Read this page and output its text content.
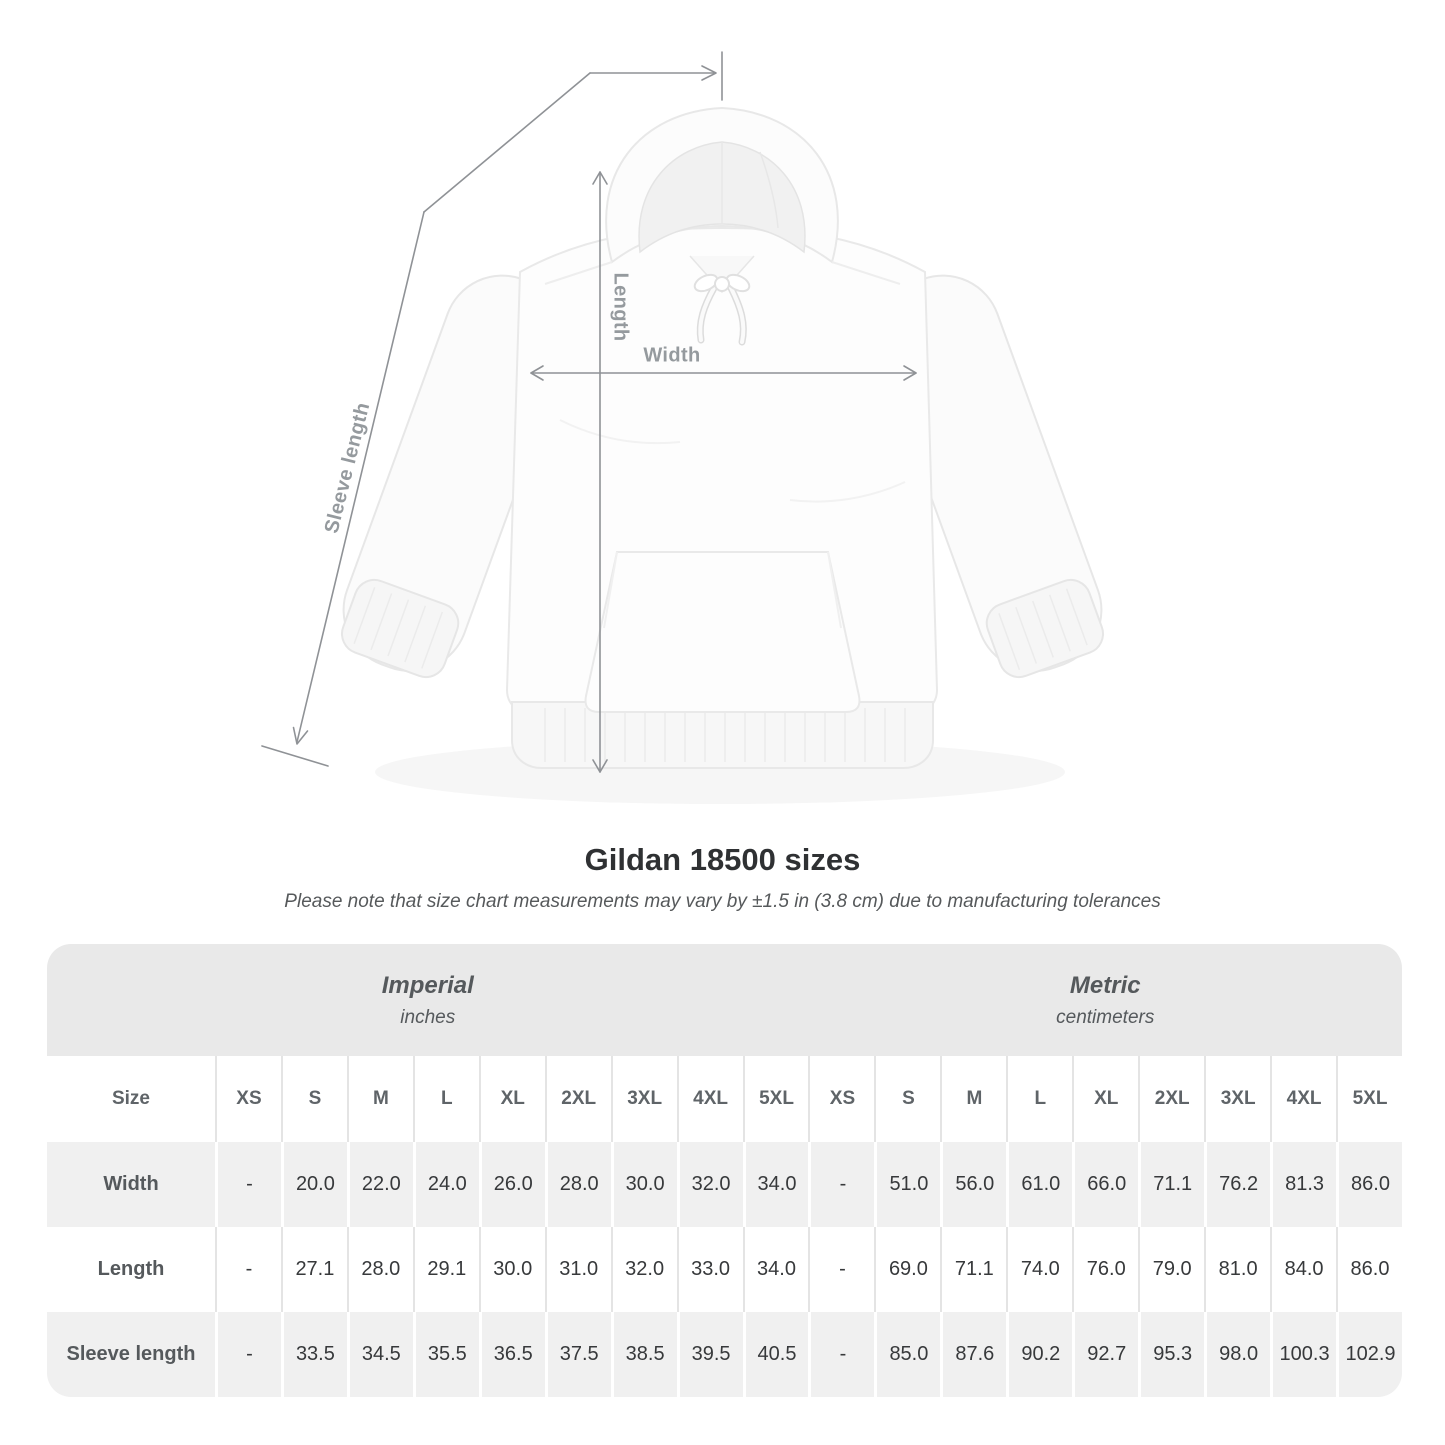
Sleeve length
Length
Width
Gildan 18500 sizes

Please note that size chart measurements may vary by ±1.5 in (3.8 cm) due to manufacturing tolerances

Imperial
inches
Metric
centimeters
Size	XS	S	M	L	XL	2XL	3XL	4XL	5XL	XS	S	M	L	XL	2XL	3XL	4XL	5XL
Width	-	20.0	22.0	24.0	26.0	28.0	30.0	32.0	34.0	-	51.0	56.0	61.0	66.0	71.1	76.2	81.3	86.0
Length	-	27.1	28.0	29.1	30.0	31.0	32.0	33.0	34.0	-	69.0	71.1	74.0	76.0	79.0	81.0	84.0	86.0
Sleeve length	-	33.5	34.5	35.5	36.5	37.5	38.5	39.5	40.5	-	85.0	87.6	90.2	92.7	95.3	98.0	100.3 102.9
